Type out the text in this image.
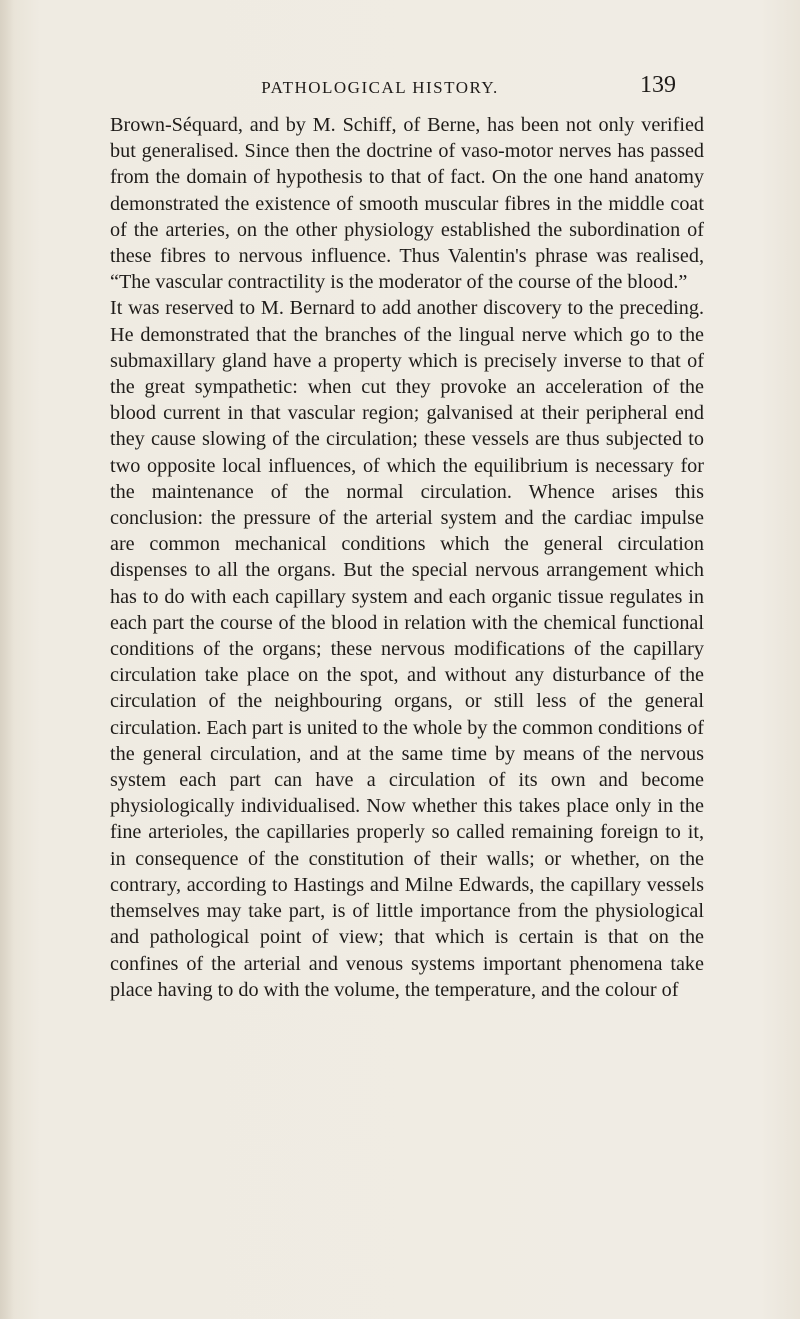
PATHOLOGICAL HISTORY.	139

Brown-Séquard, and by M. Schiff, of Berne, has been not only verified but generalised. Since then the doctrine of vaso-motor nerves has passed from the domain of hypothesis to that of fact. On the one hand anatomy demonstrated the existence of smooth muscular fibres in the middle coat of the arteries, on the other physiology established the subordination of these fibres to nervous influence. Thus Valentin's phrase was realised, “The vascular contractility is the moderator of the course of the blood.”

It was reserved to M. Bernard to add another discovery to the preceding. He demonstrated that the branches of the lingual nerve which go to the submaxillary gland have a property which is precisely inverse to that of the great sympathetic: when cut they provoke an acceleration of the blood current in that vascular region; galvanised at their peripheral end they cause slowing of the circulation; these vessels are thus subjected to two opposite local influences, of which the equilibrium is necessary for the maintenance of the normal circulation. Whence arises this conclusion: the pressure of the arterial system and the cardiac impulse are common mechanical conditions which the general circulation dispenses to all the organs. But the special nervous arrangement which has to do with each capillary system and each organic tissue regulates in each part the course of the blood in relation with the chemical functional conditions of the organs; these nervous modifications of the capillary circulation take place on the spot, and without any disturbance of the circulation of the neighbouring organs, or still less of the general circulation. Each part is united to the whole by the common conditions of the general circulation, and at the same time by means of the nervous system each part can have a circulation of its own and become physiologically individualised. Now whether this takes place only in the fine arterioles, the capillaries properly so called remaining foreign to it, in consequence of the constitution of their walls; or whether, on the contrary, according to Hastings and Milne Edwards, the capillary vessels themselves may take part, is of little importance from the physiological and pathological point of view; that which is certain is that on the confines of the arterial and venous systems important phenomena take place having to do with the volume, the temperature, and the colour of
